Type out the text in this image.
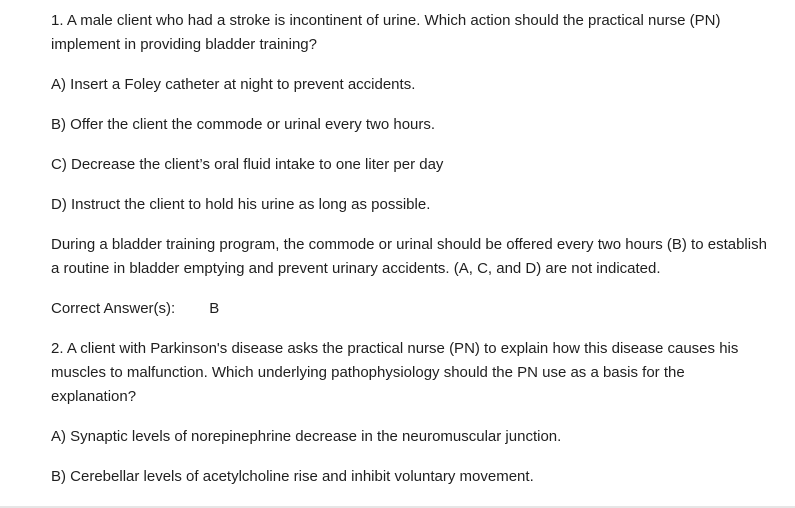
1. A male client who had a stroke is incontinent of urine. Which action should the practical nurse (PN) implement in providing bladder training?

A) Insert a Foley catheter at night to prevent accidents.

B) Offer the client the commode or urinal every two hours.

C) Decrease the client’s oral fluid intake to one liter per day

D) Instruct the client to hold his urine as long as possible.

During a bladder training program, the commode or urinal should be offered every two hours (B) to establish a routine in bladder emptying and prevent urinary accidents. (A, C, and D) are not indicated.

Correct Answer(s): B

2. A client with Parkinson's disease asks the practical nurse (PN) to explain how this disease causes his muscles to malfunction. Which underlying pathophysiology should the PN use as a basis for the explanation?

A) Synaptic levels of norepinephrine decrease in the neuromuscular junction.

B) Cerebellar levels of acetylcholine rise and inhibit voluntary movement.
